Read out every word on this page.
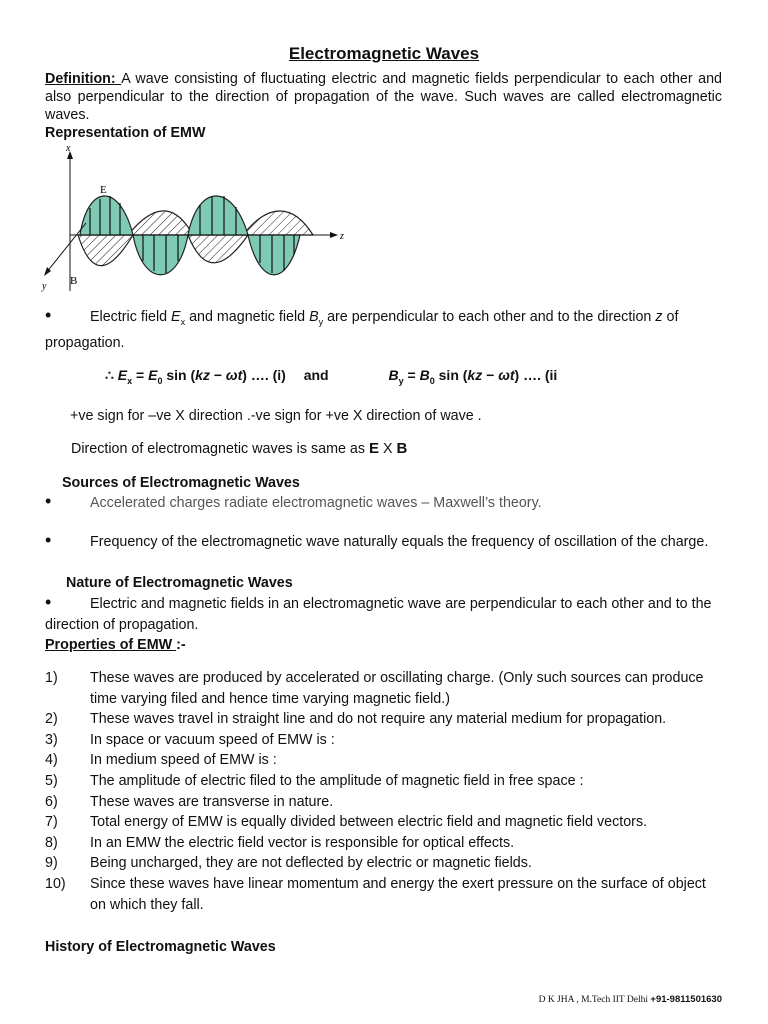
Electromagnetic Waves

Definition: A wave consisting of fluctuating electric and magnetic fields perpendicular to each other and also perpendicular to the direction of propagation of the wave. Such waves are called electromagnetic waves.

Representation of EMW
x
z
y
E
B

•	Electric field $E_x$ and magnetic field $B_y$ are perpendicular to each other and to the direction z of propagation.

∴ $E_x = E_0$ sin (kz − ωt) …. (i) and	$B_y = B_0$ sin (kz − ωt) …. (ii
+ve sign for –ve X direction .-ve sign for +ve X direction of wave .
Direction of electromagnetic waves is same as E X B
Sources of Electromagnetic Waves

•	Accelerated charges radiate electromagnetic waves – Maxwell’s theory.

•	Frequency of the electromagnetic wave naturally equals the frequency of oscillation of the charge.

Nature of Electromagnetic Waves

•	Electric and magnetic fields in an electromagnetic wave are perpendicular to each other and to the direction of propagation.

Properties of EMW :-
1) These waves are produced by accelerated or oscillating charge. (Only such sources can produce time varying filed and hence time varying magnetic field.)
2) These waves travel in straight line and do not require any material medium for propagation.
3) In space or vacuum speed of EMW is :
4) In medium speed of EMW is :
5) The amplitude of electric filed to the amplitude of magnetic field in free space :
6) These waves are transverse in nature.
7) Total energy of EMW is equally divided between electric field and magnetic field vectors.
8) In an EMW the electric field vector is responsible for optical effects.
9) Being uncharged, they are not deflected by electric or magnetic fields.
10) Since these waves have linear momentum and energy the exert pressure on the surface of object on which they fall.
History of Electromagnetic Waves
D K JHA , M.Tech IIT Delhi +91-9811501630
